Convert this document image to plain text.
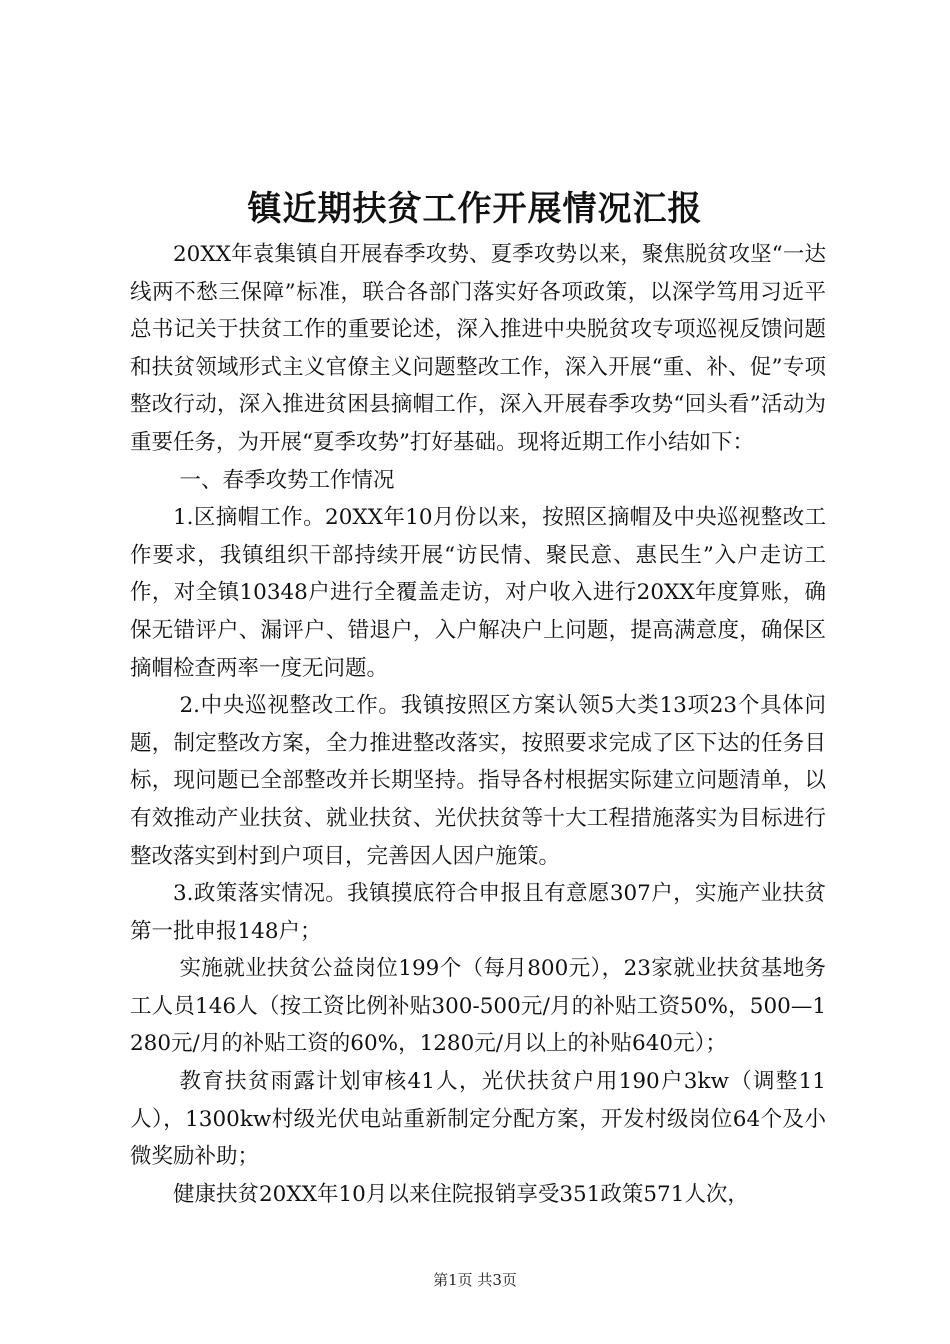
镇近期扶贫工作开展情况汇报

20XX年袁集镇自开展春季攻势、夏季攻势以来，聚焦脱贫攻坚“一达线两不愁三保障”标准，联合各部门落实好各项政策，以深学笃用习近平总书记关于扶贫工作的重要论述，深入推进中央脱贫攻专项巡视反馈问题和扶贫领域形式主义官僚主义问题整改工作，深入开展“重、补、促”专项整改行动，深入推进贫困县摘帽工作，深入开展春季攻势“回头看”活动为重要任务，为开展“夏季攻势”打好基础。现将近期工作小结如下：

一、春季攻势工作情况

1.区摘帽工作。20XX年10月份以来，按照区摘帽及中央巡视整改工作要求，我镇组织干部持续开展“访民情、聚民意、惠民生”入户走访工作，对全镇10348户进行全覆盖走访，对户收入进行20XX年度算账，确保无错评户、漏评户、错退户，入户解决户上问题，提高满意度，确保区摘帽检查两率一度无问题。

2.中央巡视整改工作。我镇按照区方案认领5大类13项23个具体问题，制定整改方案，全力推进整改落实，按照要求完成了区下达的任务目标，现问题已全部整改并长期坚持。指导各村根据实际建立问题清单，以有效推动产业扶贫、就业扶贫、光伏扶贫等十大工程措施落实为目标进行整改落实到村到户项目，完善因人因户施策。

3.政策落实情况。我镇摸底符合申报且有意愿307户，实施产业扶贫第一批申报148户；

实施就业扶贫公益岗位199个（每月800元），23家就业扶贫基地务工人员146人（按工资比例补贴300-500元/月的补贴工资50%，500—1280元/月的补贴工资的60%，1280元/月以上的补贴640元）；

教育扶贫雨露计划审核41人，光伏扶贫户用190户3kw（调整11人），1300kw村级光伏电站重新制定分配方案，开发村级岗位64个及小微奖励补助；

健康扶贫20XX年10月以来住院报销享受351政策571人次，

第1页 共3页
